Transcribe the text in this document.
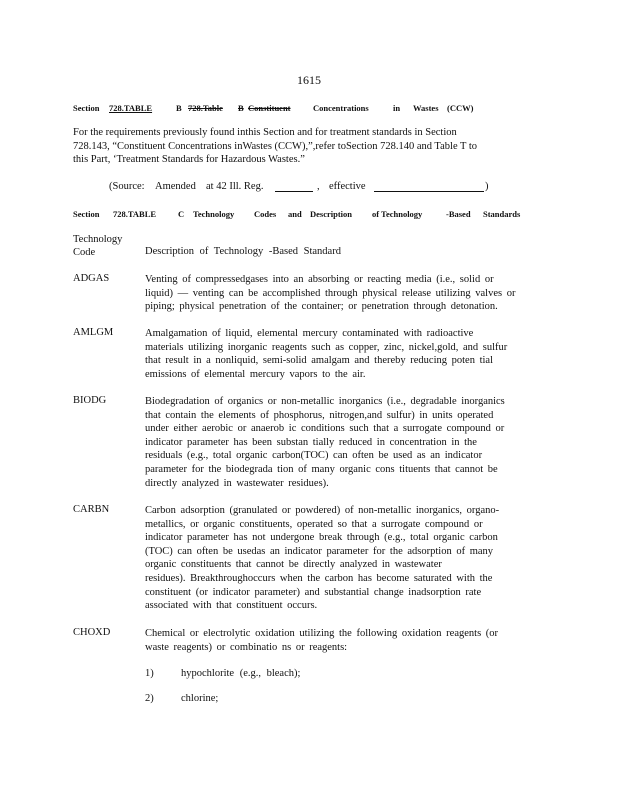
1615
Section 728.TABLE	B 728.Table B Constituent	Concentrations	in Wastes (CCW)
For the requirements previously found inthis Section and for treatment standards in Section
728.143, “Constituent Concentrations inWastes (CCW),”,refer toSection 728.140 and Table T to
this Part, ‘Treatment Standards for Hazardous Wastes.”
(Source: Amended at 42 Ill. Reg.	, effective	)
Section 728.TABLE	C Technology Codes and Description of Technology	-Based Standards
Technology
Code	Description of Technology -Based Standard
ADGAS	Venting of compressedgases into an absorbing or reacting media (i.e., solid or
liquid) — venting can be accomplished through physical release utilizing valves or
piping; physical penetration of the container; or penetration through detonation.
AMLGM	Amalgamation of liquid, elemental mercury contaminated with radioactive
materials utilizing inorganic reagents such as copper, zinc, nickel,gold, and sulfur
that result in a nonliquid, semi-solid amalgam and thereby reducing poten tial
emissions of elemental mercury vapors to the air.
BIODG	Biodegradation of organics or non-metallic inorganics (i.e., degradable inorganics
that contain the elements of phosphorus, nitrogen,and sulfur) in units operated
under either aerobic or anaerob ic conditions such that a surrogate compound or
indicator parameter has been substan tially reduced in concentration in the
residuals (e.g., total organic carbon(TOC) can often be used as an indicator
parameter for the biodegrada tion of many organic cons tituents that cannot be
directly analyzed in wastewater residues).
CARBN	Carbon adsorption (granulated or powdered) of non-metallic inorganics, organo-
metallics, or organic constituents, operated so that a surrogate compound or
indicator parameter has not undergone break through (e.g., total organic carbon
(TOC) can often be usedas an indicator parameter for the adsorption of many
organic constituents that cannot be directly analyzed in wastewater
residues). Breakthroughoccurs when the carbon has become saturated with the
constituent (or indicator parameter) and substantial change inadsorption rate
associated with that constituent occurs.
CHOXD	Chemical or electrolytic oxidation utilizing the following oxidation reagents (or
waste reagents) or combinatio ns or reagents:
1)	hypochlorite (e.g., bleach);
2)	chlorine;
